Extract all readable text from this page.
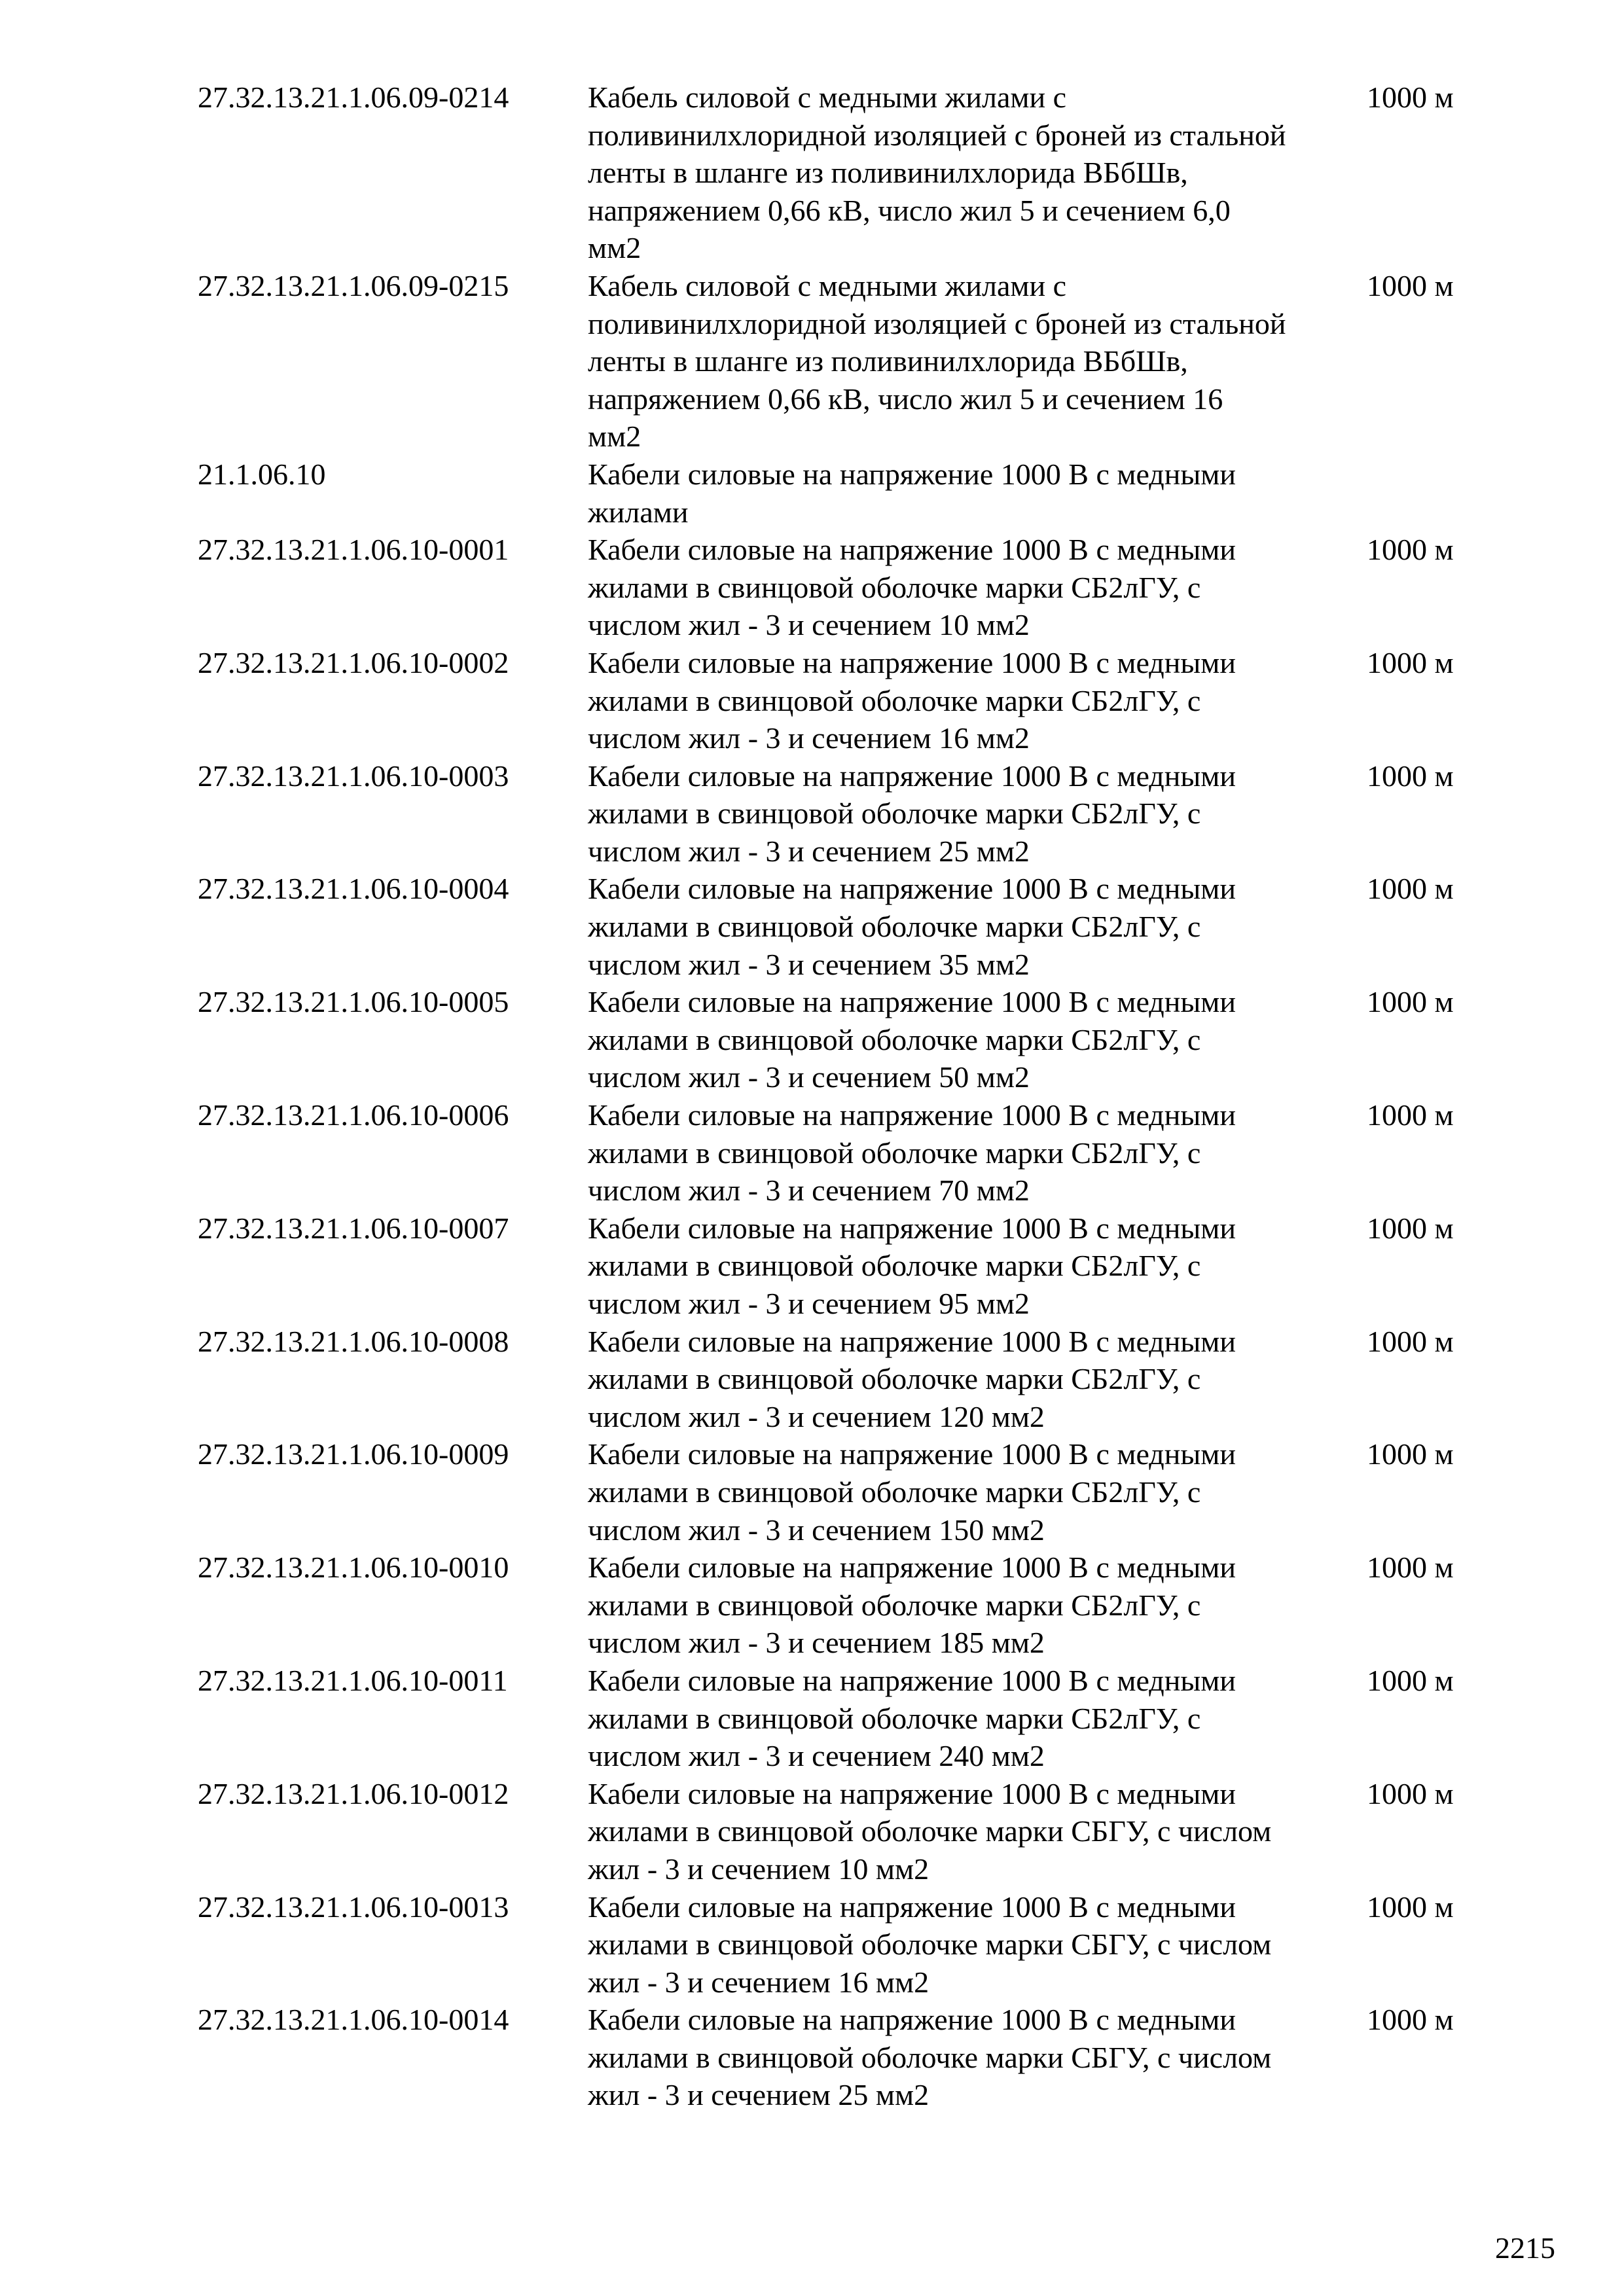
27.32.13.21.1.06.09-0214	Кабель силовой с медными жилами с
поливинилхлоридной изоляцией с броней из стальной
ленты в шланге из поливинилхлорида ВБбШв,
напряжением 0,66 кВ, число жил 5 и сечением 6,0
мм2
1000 м
27.32.13.21.1.06.09-0215	Кабель силовой с медными жилами с
поливинилхлоридной изоляцией с броней из стальной
ленты в шланге из поливинилхлорида ВБбШв,
напряжением 0,66 кВ, число жил 5 и сечением 16
мм2
1000 м
21.1.06.10	Кабели силовые на напряжение 1000 В с медными
жилами
27.32.13.21.1.06.10-0001	Кабели силовые на напряжение 1000 В с медными
жилами в свинцовой оболочке марки СБ2лГУ, с
числом жил - 3 и сечением 10 мм2
1000 м
27.32.13.21.1.06.10-0002	Кабели силовые на напряжение 1000 В с медными
жилами в свинцовой оболочке марки СБ2лГУ, с
числом жил - 3 и сечением 16 мм2
1000 м
27.32.13.21.1.06.10-0003	Кабели силовые на напряжение 1000 В с медными
жилами в свинцовой оболочке марки СБ2лГУ, с
числом жил - 3 и сечением 25 мм2
1000 м
27.32.13.21.1.06.10-0004	Кабели силовые на напряжение 1000 В с медными
жилами в свинцовой оболочке марки СБ2лГУ, с
числом жил - 3 и сечением 35 мм2
1000 м
27.32.13.21.1.06.10-0005	Кабели силовые на напряжение 1000 В с медными
жилами в свинцовой оболочке марки СБ2лГУ, с
числом жил - 3 и сечением 50 мм2
1000 м
27.32.13.21.1.06.10-0006	Кабели силовые на напряжение 1000 В с медными
жилами в свинцовой оболочке марки СБ2лГУ, с
числом жил - 3 и сечением 70 мм2
1000 м
27.32.13.21.1.06.10-0007	Кабели силовые на напряжение 1000 В с медными
жилами в свинцовой оболочке марки СБ2лГУ, с
числом жил - 3 и сечением 95 мм2
1000 м
27.32.13.21.1.06.10-0008	Кабели силовые на напряжение 1000 В с медными
жилами в свинцовой оболочке марки СБ2лГУ, с
числом жил - 3 и сечением 120 мм2
1000 м
27.32.13.21.1.06.10-0009	Кабели силовые на напряжение 1000 В с медными
жилами в свинцовой оболочке марки СБ2лГУ, с
числом жил - 3 и сечением 150 мм2
1000 м
27.32.13.21.1.06.10-0010	Кабели силовые на напряжение 1000 В с медными
жилами в свинцовой оболочке марки СБ2лГУ, с
числом жил - 3 и сечением 185 мм2
1000 м
27.32.13.21.1.06.10-0011	Кабели силовые на напряжение 1000 В с медными
жилами в свинцовой оболочке марки СБ2лГУ, с
числом жил - 3 и сечением 240 мм2
1000 м
27.32.13.21.1.06.10-0012	Кабели силовые на напряжение 1000 В с медными
жилами в свинцовой оболочке марки СБГУ, с числом
жил - 3 и сечением 10 мм2
1000 м
27.32.13.21.1.06.10-0013	Кабели силовые на напряжение 1000 В с медными
жилами в свинцовой оболочке марки СБГУ, с числом
жил - 3 и сечением 16 мм2
1000 м
27.32.13.21.1.06.10-0014	Кабели силовые на напряжение 1000 В с медными
жилами в свинцовой оболочке марки СБГУ, с числом
жил - 3 и сечением 25 мм2
1000 м
2215
